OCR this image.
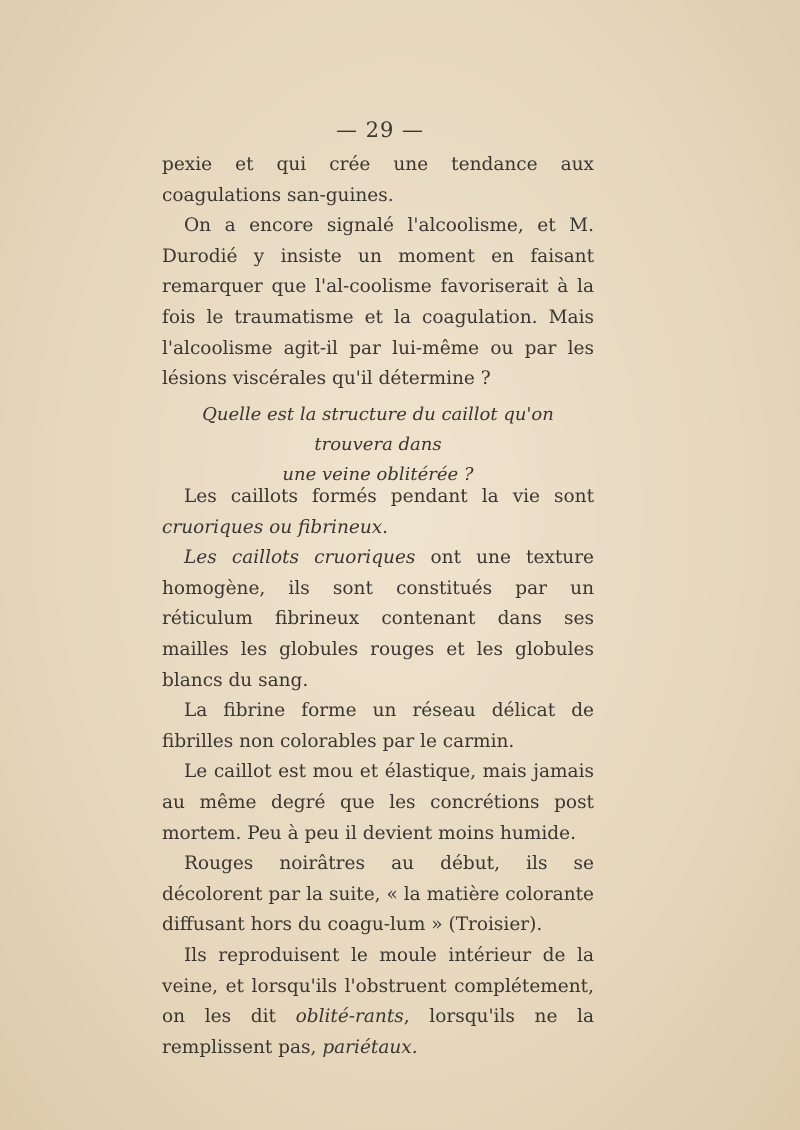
— 29 —

pexie et qui crée une tendance aux coagulations san-guines.

On a encore signalé l'alcoolisme, et M. Durodié y insiste un moment en faisant remarquer que l'al-coolisme favoriserait à la fois le traumatisme et la coagulation. Mais l'alcoolisme agit-il par lui-même ou par les lésions viscérales qu'il détermine ?

Quelle est la structure du caillot qu'on trouvera dans
une veine oblitérée ?

Les caillots formés pendant la vie sont cruoriques ou fibrineux.

Les caillots cruoriques ont une texture homogène, ils sont constitués par un réticulum fibrineux contenant dans ses mailles les globules rouges et les globules blancs du sang.

La fibrine forme un réseau délicat de fibrilles non colorables par le carmin.

Le caillot est mou et élastique, mais jamais au même degré que les concrétions post mortem. Peu à peu il devient moins humide.

Rouges noirâtres au début, ils se décolorent par la suite, « la matière colorante diffusant hors du coagu-lum » (Troisier).

Ils reproduisent le moule intérieur de la veine, et lorsqu'ils l'obstruent complétement, on les dit oblité-rants, lorsqu'ils ne la remplissent pas, pariétaux.
